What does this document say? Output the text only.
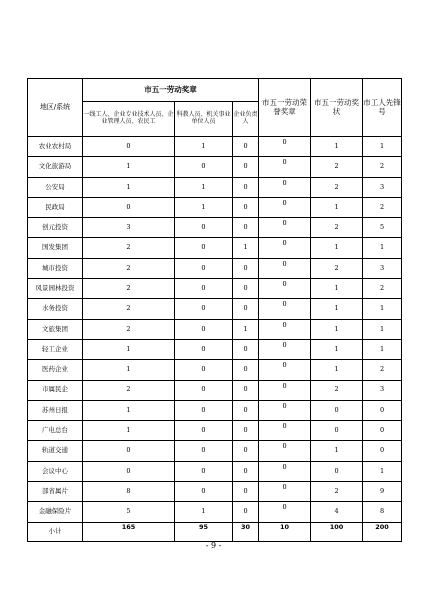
地区/系统	市五一劳动奖章			市五一劳动荣誉奖章	市五一劳动奖状	市工人先锋号
	一线工人、企业专业技术人员、企业管理人员、农民工	科教人员、机关事业单位人员	企业负责人			
农业农村局	0	1	0	0	1	1
文化旅游局	1	0	0	0	2	2
公安局	1	1	0	0	2	3
民政局	0	1	0	0	1	2
创元投资	3	0	0	0	2	5
国发集团	2	0	1	0	1	1
城市投资	2	0	0	0	2	3
风景园林投资	2	0	0	0	1	2
水务投资	2	0	0	0	1	1
文旅集团	2	0	1	0	1	1
轻工企业	1	0	0	0	1	1
医药企业	1	0	0	0	1	2
市属民企	2	0	0	0	2	3
苏州日报	1	0	0	0	0	0
广电总台	1	0	0	0	0	0
轨道交通	0	0	0	0	1	0
会议中心	0	0	0	0	0	1
部省属片	8	0	0	0	2	9
金融保险片	5	1	0	0	4	8
小计	165	95	30	10	100	200
- 9 -
